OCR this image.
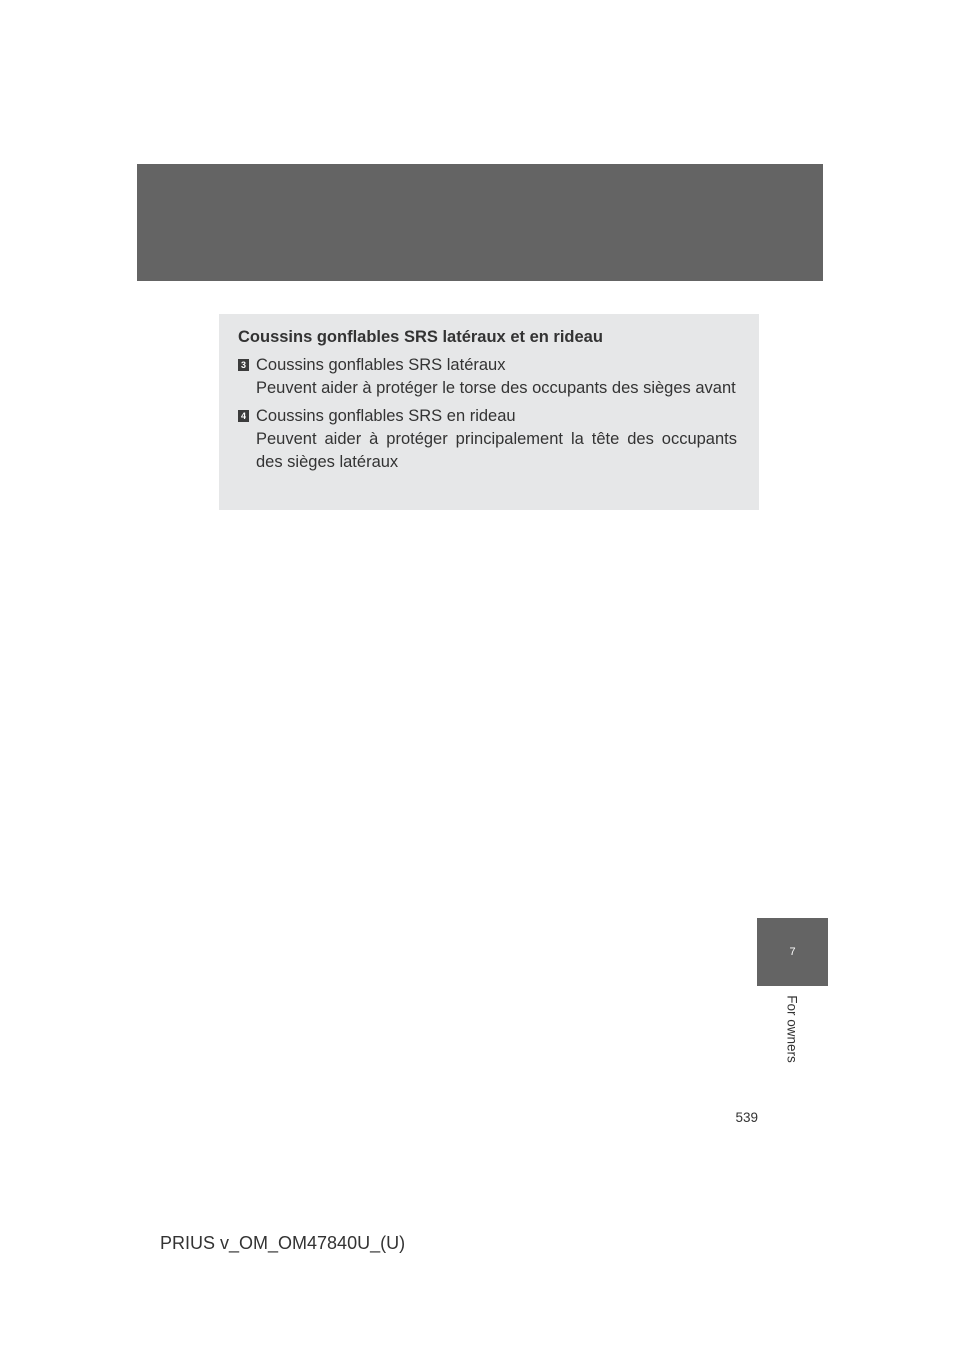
Coussins gonflables SRS latéraux et en rideau
3 Coussins gonflables SRS latéraux
Peuvent aider à protéger le torse des occupants des sièges avant
4 Coussins gonflables SRS en rideau
Peuvent aider à protéger principalement la tête des occupants des sièges latéraux
7
For owners
539
PRIUS v_OM_OM47840U_(U)
